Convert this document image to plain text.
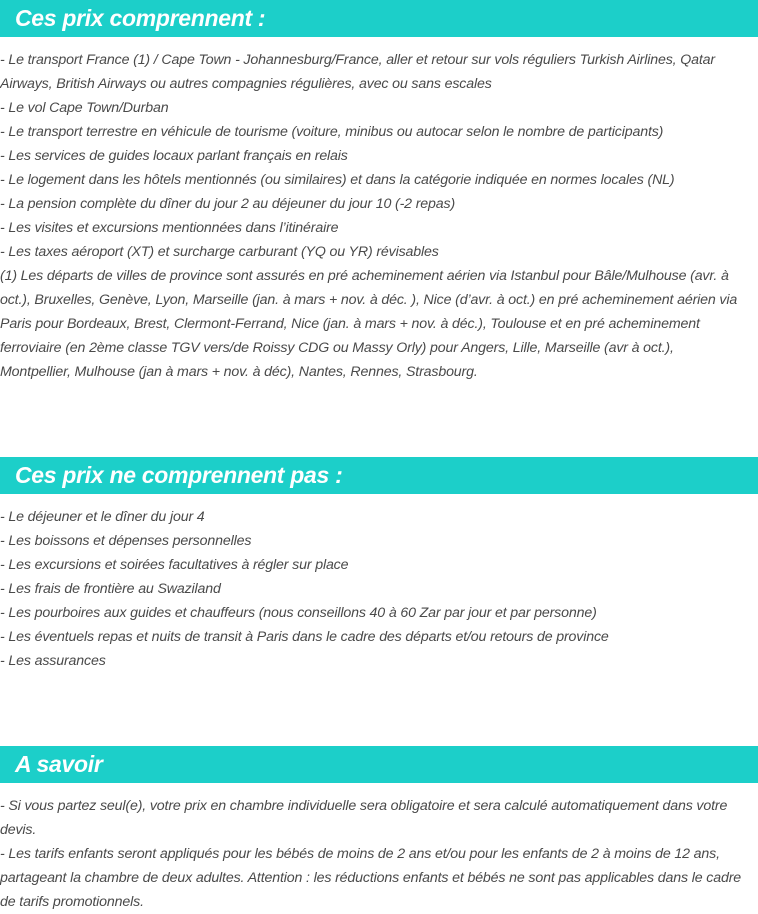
Ces prix comprennent :
- Le transport France (1) / Cape Town - Johannesburg/France, aller et retour sur vols réguliers Turkish Airlines, Qatar
Airways, British Airways ou autres compagnies régulières, avec ou sans escales
- Le vol Cape Town/Durban
- Le transport terrestre en véhicule de tourisme (voiture, minibus ou autocar selon le nombre de participants)
- Les services de guides locaux parlant français en relais
- Le logement dans les hôtels mentionnés (ou similaires) et dans la catégorie indiquée en normes locales (NL)
- La pension complète du dîner du jour 2 au déjeuner du jour 10 (-2 repas)
- Les visites et excursions mentionnées dans l’itinéraire
- Les taxes aéroport (XT) et surcharge carburant (YQ ou YR) révisables
(1) Les départs de villes de province sont assurés en pré acheminement aérien via Istanbul pour Bâle/Mulhouse (avr. à
oct.), Bruxelles, Genève, Lyon, Marseille (jan. à mars + nov. à déc. ), Nice (d’avr. à oct.) en pré acheminement aérien via
Paris pour Bordeaux, Brest, Clermont-Ferrand, Nice (jan. à mars + nov. à déc.), Toulouse et en pré acheminement
ferroviaire (en 2ème classe TGV vers/de Roissy CDG ou Massy Orly) pour Angers, Lille, Marseille (avr à oct.),
Montpellier, Mulhouse (jan à mars + nov. à déc), Nantes, Rennes, Strasbourg.
Ces prix ne comprennent pas :
- Le déjeuner et le dîner du jour 4
- Les boissons et dépenses personnelles
- Les excursions et soirées facultatives à régler sur place
- Les frais de frontière au Swaziland
- Les pourboires aux guides et chauffeurs (nous conseillons 40 à 60 Zar par jour et par personne)
- Les éventuels repas et nuits de transit à Paris dans le cadre des départs et/ou retours de province
- Les assurances
A savoir
- Si vous partez seul(e), votre prix en chambre individuelle sera obligatoire et sera calculé automatiquement dans votre
devis.
- Les tarifs enfants seront appliqués pour les bébés de moins de 2 ans et/ou pour les enfants de 2 à moins de 12 ans,
partageant la chambre de deux adultes. Attention : les réductions enfants et bébés ne sont pas applicables dans le cadre
de tarifs promotionnels.
